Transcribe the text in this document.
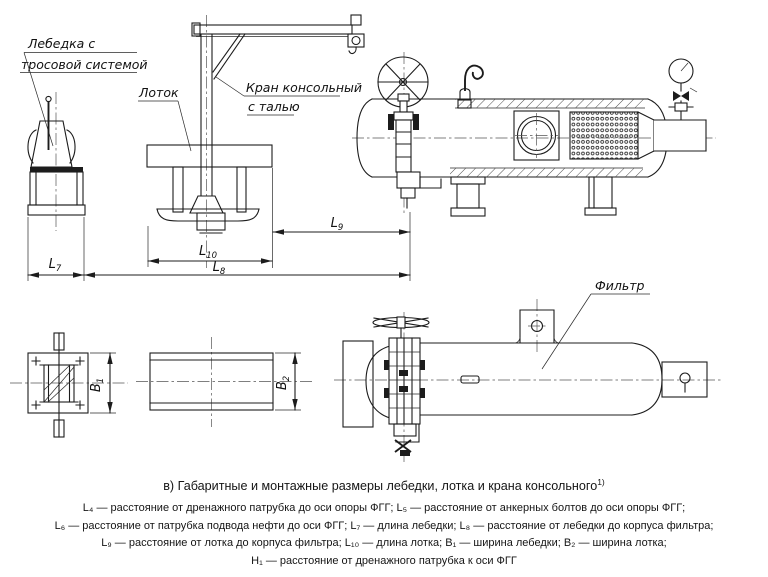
Лебедка с
тросовой системой
Лоток	Кран консольный
с талью
$L_9$
$L_{10}$
$L_7$	$L_8$
$B_1$
$B_2$
Фильтр
в) Габаритные и монтажные размеры лебедки, лотка и крана консольного$^{1)}$

L₄ — расстояние от дренажного патрубка до оси опоры ФГГ; L₅ — расстояние от анкерных болтов до оси опоры ФГГ;

L₆ — расстояние от патрубка подвода нефти до оси ФГГ; L₇ — длина лебедки; L₈ — расстояние от лебедки до корпуса фильтра;

L₉ — расстояние от лотка до корпуса фильтра; L₁₀ — длина лотка; B₁ — ширина лебедки; B₂ — ширина лотка;

H₁ — расстояние от дренажного патрубка к оси ФГГ
